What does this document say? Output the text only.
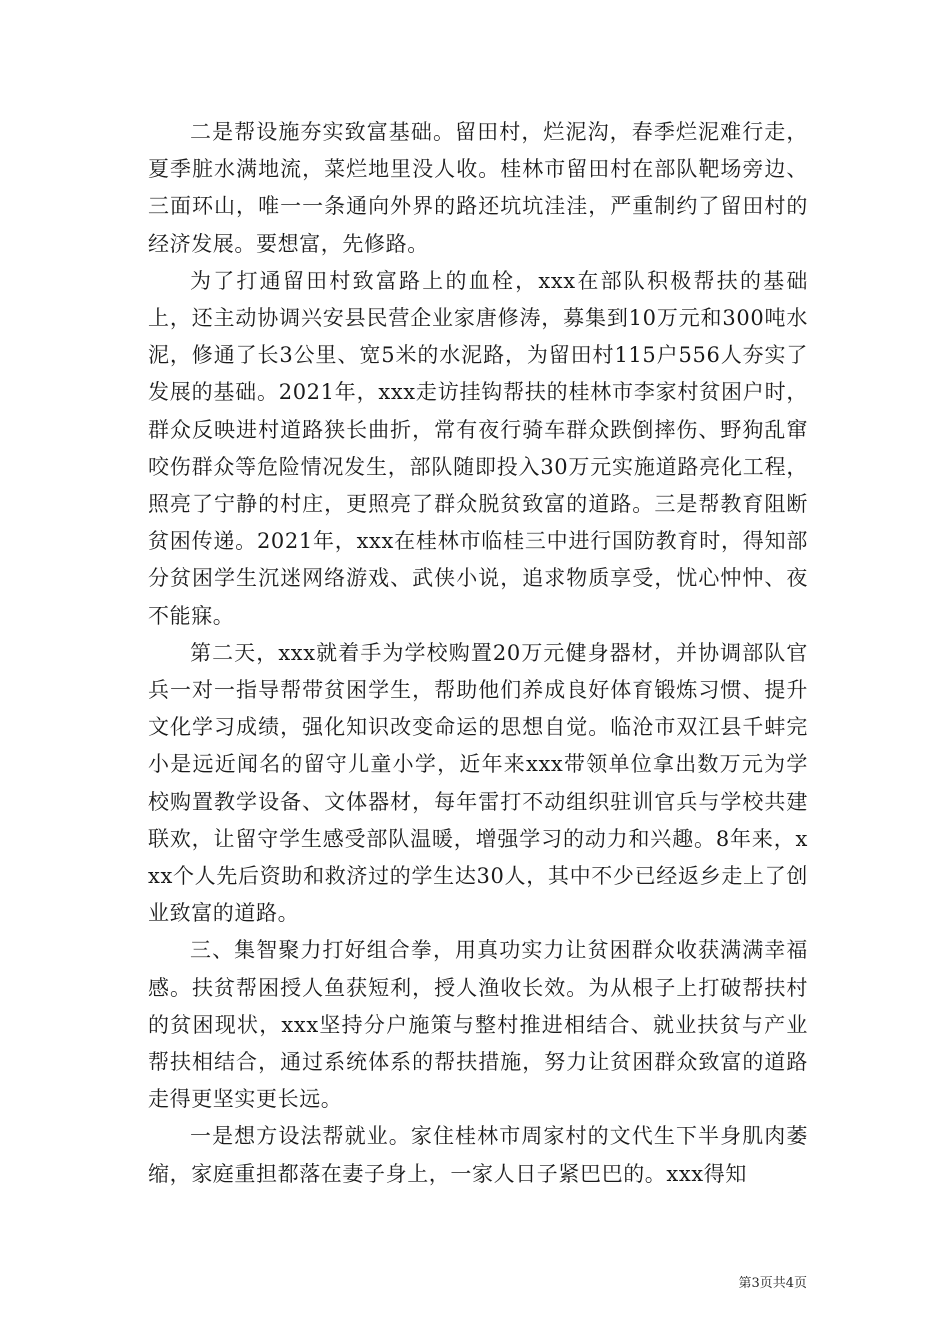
二是帮设施夯实致富基础。留田村，烂泥沟，春季烂泥难行走，夏季脏水满地流，菜烂地里没人收。桂林市留田村在部队靶场旁边、三面环山，唯一一条通向外界的路还坑坑洼洼，严重制约了留田村的经济发展。要想富，先修路。

为了打通留田村致富路上的血栓，xxx在部队积极帮扶的基础上，还主动协调兴安县民营企业家唐修涛，募集到10万元和300吨水泥，修通了长3公里、宽5米的水泥路，为留田村115户556人夯实了发展的基础。2021年，xxx走访挂钩帮扶的桂林市李家村贫困户时，群众反映进村道路狭长曲折，常有夜行骑车群众跌倒摔伤、野狗乱窜咬伤群众等危险情况发生，部队随即投入30万元实施道路亮化工程，照亮了宁静的村庄，更照亮了群众脱贫致富的道路。三是帮教育阻断贫困传递。2021年，xxx在桂林市临桂三中进行国防教育时，得知部分贫困学生沉迷网络游戏、武侠小说，追求物质享受，忧心忡忡、夜不能寐。

第二天，xxx就着手为学校购置20万元健身器材，并协调部队官兵一对一指导帮带贫困学生，帮助他们养成良好体育锻炼习惯、提升文化学习成绩，强化知识改变命运的思想自觉。临沧市双江县千蚌完小是远近闻名的留守儿童小学，近年来xxx带领单位拿出数万元为学校购置教学设备、文体器材，每年雷打不动组织驻训官兵与学校共建联欢，让留守学生感受部队温暖，增强学习的动力和兴趣。8年来，xxx个人先后资助和救济过的学生达30人，其中不少已经返乡走上了创业致富的道路。

三、集智聚力打好组合拳，用真功实力让贫困群众收获满满幸福感。扶贫帮困授人鱼获短利，授人渔收长效。为从根子上打破帮扶村的贫困现状，xxx坚持分户施策与整村推进相结合、就业扶贫与产业帮扶相结合，通过系统体系的帮扶措施，努力让贫困群众致富的道路走得更坚实更长远。

一是想方设法帮就业。家住桂林市周家村的文代生下半身肌肉萎缩，家庭重担都落在妻子身上，一家人日子紧巴巴的。xxx得知

第3页共4页
